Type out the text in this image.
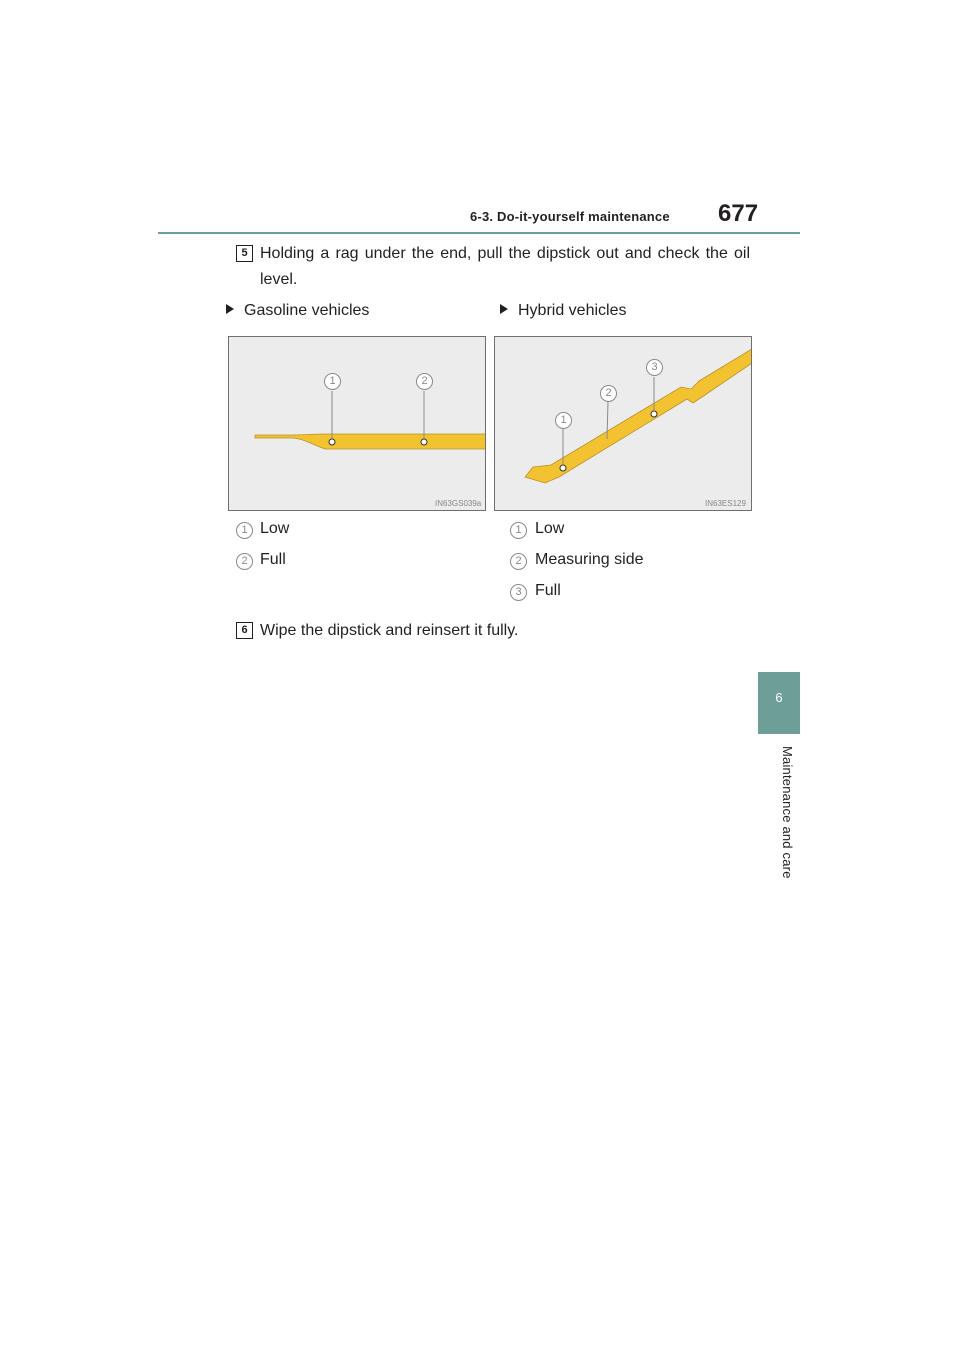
6-3. Do-it-yourself maintenance 677
6
Maintenance and care
5 Holding a rag under the end, pull the dipstick out and check the oil level.
Gasoline vehicles	Hybrid vehicles
1	2
IN63GS039a
1
2
3
IN63ES129
1 Low
2 Full
1 Low
2 Measuring side
3 Full
6 Wipe the dipstick and reinsert it fully.
